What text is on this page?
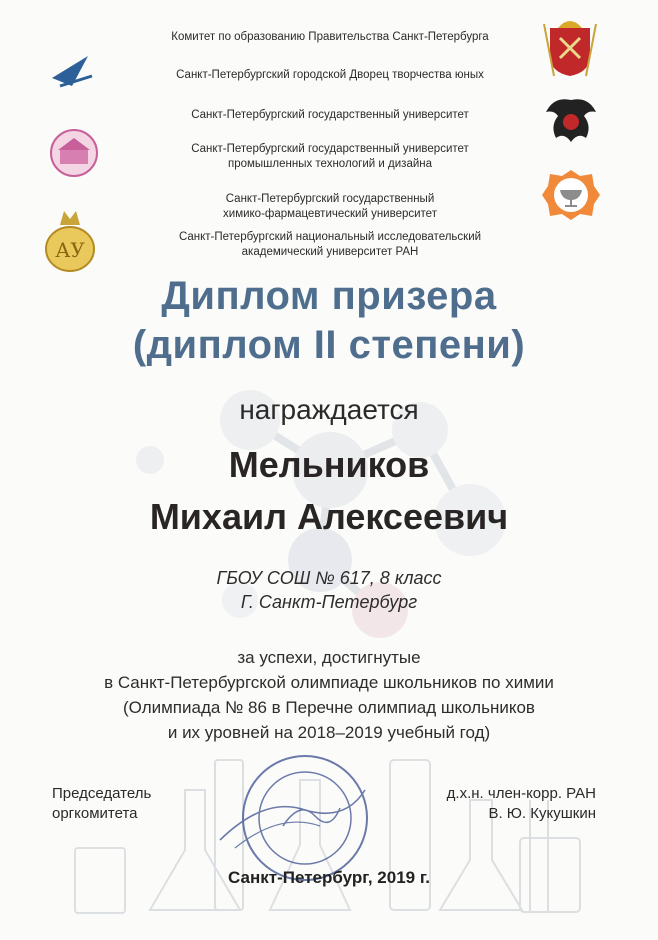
АУ
Комитет по образованию Правительства Санкт-Петербурга
Санкт-Петербургский городской Дворец творчества юных
Санкт-Петербургский государственный университет
Санкт-Петербургский государственный университет
промышленных технологий и дизайна
Санкт-Петербургский государственный
химико-фармацевтический университет
Санкт-Петербургский национальный исследовательский
академический университет РАН
Диплом призера
(диплом II степени)
награждается
Мельников
Михаил Алексеевич
ГБОУ СОШ № 617, 8 класс
Г. Санкт-Петербург
за успехи, достигнутые
в Санкт-Петербургской олимпиаде школьников по химии
(Олимпиада № 86 в Перечне олимпиад школьников
и их уровней на 2018–2019 учебный год)
Председатель
оргкомитета
д.х.н. член-корр. РАН
В. Ю. Кукушкин
Санкт-Петербург, 2019 г.
